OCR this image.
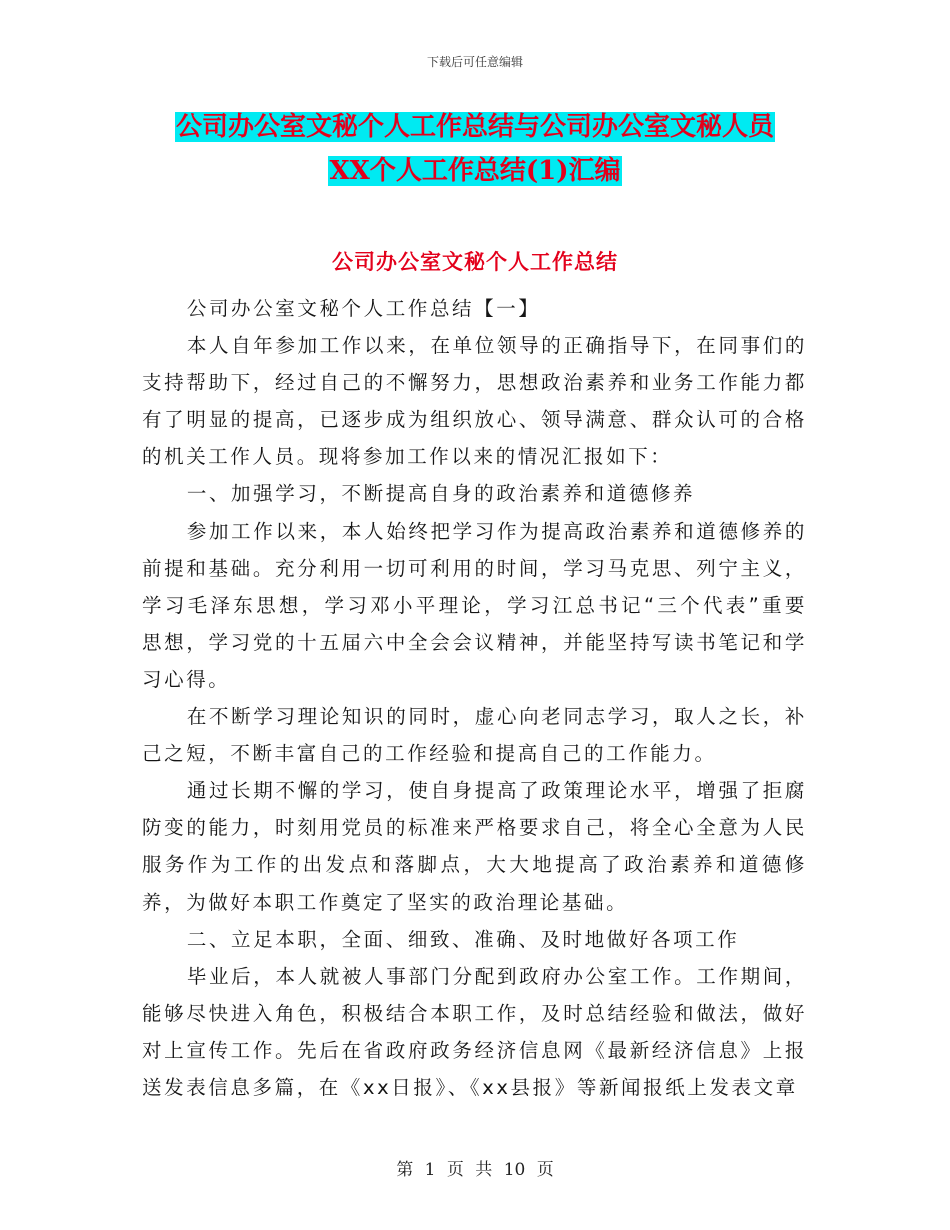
下载后可任意编辑
公司办公室文秘个人工作总结与公司办公室文秘人员
XX个人工作总结(1)汇编
公司办公室文秘个人工作总结

公司办公室文秘个人工作总结【一】

本人自年参加工作以来，在单位领导的正确指导下，在同事们的支持帮助下，经过自己的不懈努力，思想政治素养和业务工作能力都有了明显的提高，已逐步成为组织放心、领导满意、群众认可的合格的机关工作人员。现将参加工作以来的情况汇报如下：

一、加强学习，不断提高自身的政治素养和道德修养

参加工作以来，本人始终把学习作为提高政治素养和道德修养的前提和基础。充分利用一切可利用的时间，学习马克思、列宁主义，学习毛泽东思想，学习邓小平理论，学习江总书记“三个代表”重要思想，学习党的十五届六中全会会议精神，并能坚持写读书笔记和学习心得。

在不断学习理论知识的同时，虚心向老同志学习，取人之长，补己之短，不断丰富自己的工作经验和提高自己的工作能力。

通过长期不懈的学习，使自身提高了政策理论水平，增强了拒腐防变的能力，时刻用党员的标准来严格要求自己，将全心全意为人民服务作为工作的出发点和落脚点，大大地提高了政治素养和道德修养，为做好本职工作奠定了坚实的政治理论基础。

二、立足本职，全面、细致、准确、及时地做好各项工作

毕业后，本人就被人事部门分配到政府办公室工作。工作期间，能够尽快进入角色，积极结合本职工作，及时总结经验和做法，做好对上宣传工作。先后在省政府政务经济信息网《最新经济信息》上报送发表信息多篇，在《xx日报》、《xx县报》等新闻报纸上发表文章

第 1 页 共 10 页
